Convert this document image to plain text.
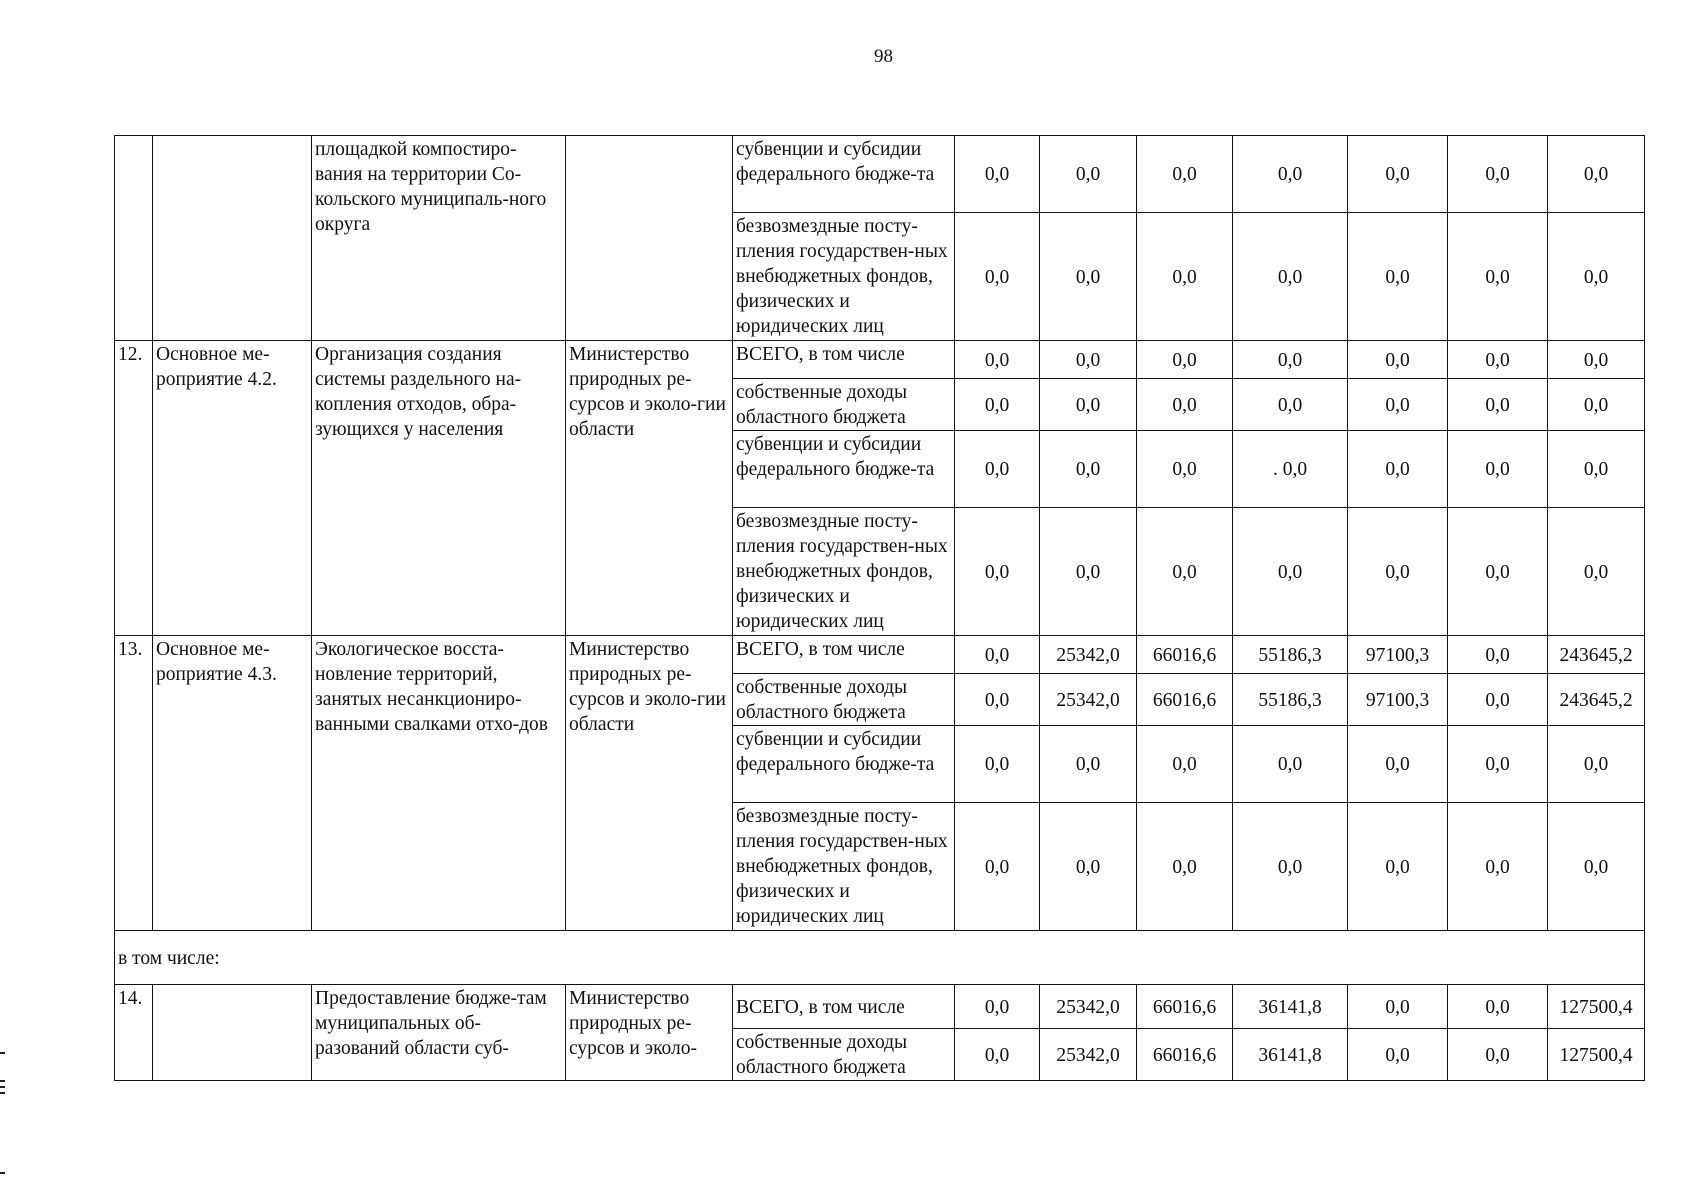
98
		площадкой компостиро-вания на территории Со-кольского муниципаль-ного округа		субвенции и субсидии федерального бюдже-та	0,0	0,0	0,0	0,0	0,0	0,0	0,0
				безвозмездные посту-пления государствен-ных внебюджетных фондов, физических и юридических лиц	0,0	0,0	0,0	0,0	0,0	0,0	0,0
12.	Основное ме-роприятие 4.2.	Организация создания системы раздельного на-копления отходов, обра-зующихся у населения	Министерство природных ре-сурсов и эколо-гии области	ВСЕГО, в том числе	0,0	0,0	0,0	0,0	0,0	0,0	0,0
				собственные доходы областного бюджета	0,0	0,0	0,0	0,0	0,0	0,0	0,0
				субвенции и субсидии федерального бюдже-та	0,0	0,0	0,0	. 0,0	0,0	0,0	0,0
				безвозмездные посту-пления государствен-ных внебюджетных фондов, физических и юридических лиц	0,0	0,0	0,0	0,0	0,0	0,0	0,0
13.	Основное ме-роприятие 4.3.	Экологическое восста-новление территорий, занятых несанкциониро-ванными свалками отхо-дов	Министерство природных ре-сурсов и эколо-гии области	ВСЕГО, в том числе	0,0	25342,0	66016,6	55186,3	97100,3	0,0	243645,2
				собственные доходы областного бюджета	0,0	25342,0	66016,6	55186,3	97100,3	0,0	243645,2
				субвенции и субсидии федерального бюдже-та	0,0	0,0	0,0	0,0	0,0	0,0	0,0
				безвозмездные посту-пления государствен-ных внебюджетных фондов, физических и юридических лиц	0,0	0,0	0,0	0,0	0,0	0,0	0,0
в том числе:											
14.		Предоставление бюдже-там муниципальных об-разований области суб-	Министерство природных ре-сурсов и эколо-	ВСЕГО, в том числе	0,0	25342,0	66016,6	36141,8	0,0	0,0	127500,4
				собственные доходы областного бюджета	0,0	25342,0	66016,6	36141,8	0,0	0,0	127500,4
